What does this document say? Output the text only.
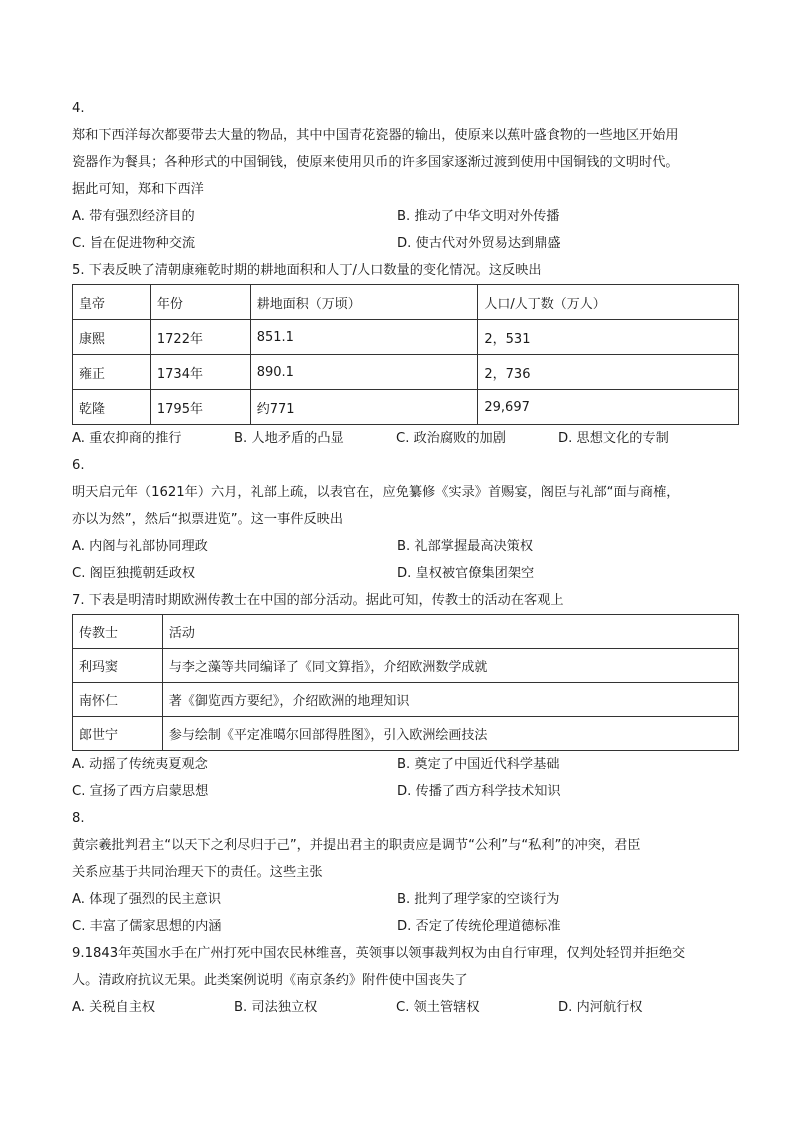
4.
郑和下西洋每次都要带去大量的物品，其中中国青花瓷器的输出，使原来以蕉叶盛食物的一些地区开始用
瓷器作为餐具；各种形式的中国铜钱，使原来使用贝币的许多国家逐渐过渡到使用中国铜钱的文明时代。
据此可知，郑和下西洋
A. 带有强烈经济目的	B. 推动了中华文明对外传播
C. 旨在促进物种交流	D. 使古代对外贸易达到鼎盛
5. 下表反映了清朝康雍乾时期的耕地面积和人丁/人口数量的变化情况。这反映出
皇帝	年份	耕地面积（万顷）	人口/人丁数（万人）
康熙	1722年	851.1	2，531
雍正	1734年	890.1	2，736
乾隆	1795年	约771	29,697
A. 重农抑商的推行	B. 人地矛盾的凸显	C. 政治腐败的加剧	D. 思想文化的专制
6.
明天启元年（1621年）六月，礼部上疏，以表官在，应免纂修《实录》首赐宴，阁臣与礼部“面与商榷，
亦以为然”，然后“拟票进览”。这一事件反映出
A. 内阁与礼部协同理政	B. 礼部掌握最高决策权
C. 阁臣独揽朝廷政权	D. 皇权被官僚集团架空
7. 下表是明清时期欧洲传教士在中国的部分活动。据此可知，传教士的活动在客观上
传教士	活动
利玛窦	与李之藻等共同编译了《同文算指》，介绍欧洲数学成就
南怀仁	著《御览西方要纪》，介绍欧洲的地理知识
郎世宁	参与绘制《平定准噶尔回部得胜图》，引入欧洲绘画技法
A. 动摇了传统夷夏观念	B. 奠定了中国近代科学基础
C. 宣扬了西方启蒙思想	D. 传播了西方科学技术知识
8.
黄宗羲批判君主“以天下之利尽归于己”，并提出君主的职责应是调节“公利”与“私利”的冲突，君臣
关系应基于共同治理天下的责任。这些主张
A. 体现了强烈的民主意识	B. 批判了理学家的空谈行为
C. 丰富了儒家思想的内涵	D. 否定了传统伦理道德标准
9.1843年英国水手在广州打死中国农民林维喜，英领事以领事裁判权为由自行审理，仅判处轻罚并拒绝交
人。清政府抗议无果。此类案例说明《南京条约》附件使中国丧失了
A. 关税自主权	B. 司法独立权	C. 领土管辖权	D. 内河航行权
